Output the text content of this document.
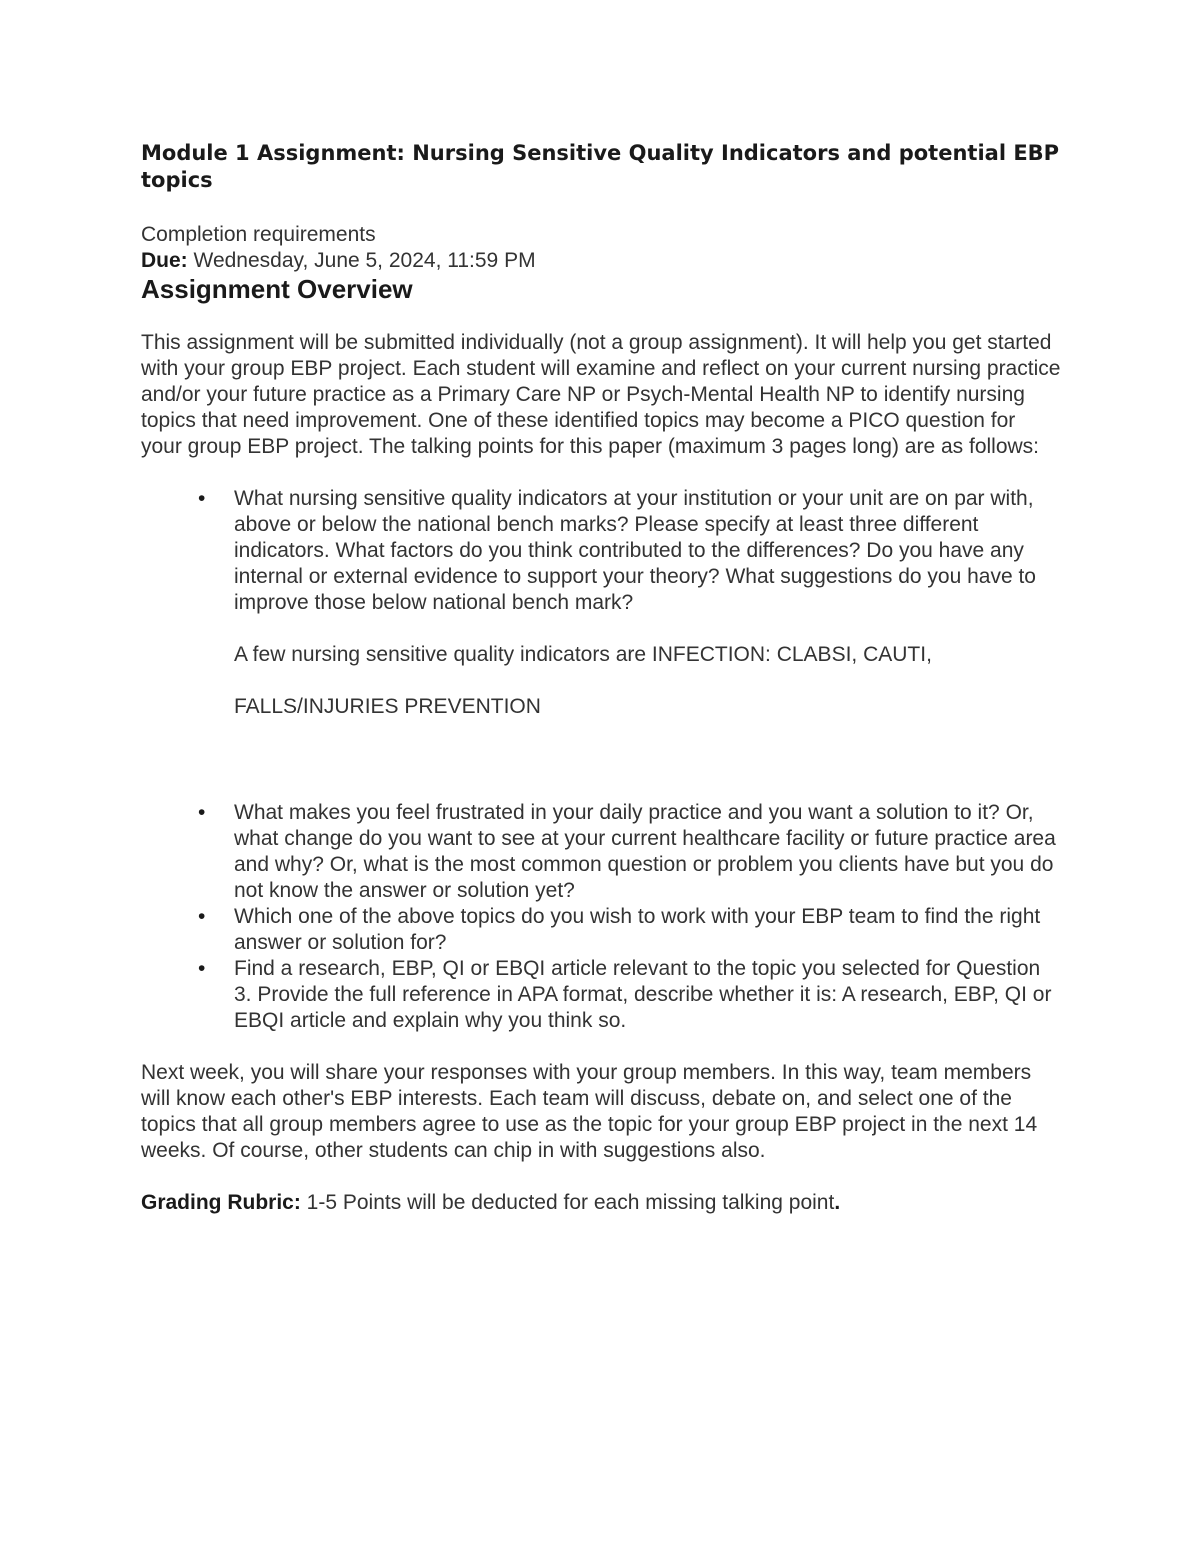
Module 1 Assignment: Nursing Sensitive Quality Indicators and potential EBP topics
Completion requirements
Due: Wednesday, June 5, 2024, 11:59 PM
Assignment Overview

This assignment will be submitted individually (not a group assignment). It will help you get started with your group EBP project. Each student will examine and reflect on your current nursing practice and/or your future practice as a Primary Care NP or Psych-Mental Health NP to identify nursing topics that need improvement. One of these identified topics may become a PICO question for your group EBP project. The talking points for this paper (maximum 3 pages long) are as follows:

•	What nursing sensitive quality indicators at your institution or your unit are on par with, above or below the national bench marks? Please specify at least three different indicators. What factors do you think contributed to the differences? Do you have any internal or external evidence to support your theory? What suggestions do you have to improve those below national bench mark?
A few nursing sensitive quality indicators are INFECTION: CLABSI, CAUTI,
FALLS/INJURIES PREVENTION
•	What makes you feel frustrated in your daily practice and you want a solution to it? Or, what change do you want to see at your current healthcare facility or future practice area and why? Or, what is the most common question or problem you clients have but you do not know the answer or solution yet?
•	Which one of the above topics do you wish to work with your EBP team to find the right answer or solution for?
•	Find a research, EBP, QI or EBQI article relevant to the topic you selected for Question 3. Provide the full reference in APA format, describe whether it is: A research, EBP, QI or EBQI article and explain why you think so.

Next week, you will share your responses with your group members. In this way, team members will know each other's EBP interests. Each team will discuss, debate on, and select one of the topics that all group members agree to use as the topic for your group EBP project in the next 14 weeks. Of course, other students can chip in with suggestions also.

Grading Rubric: 1-5 Points will be deducted for each missing talking point.
